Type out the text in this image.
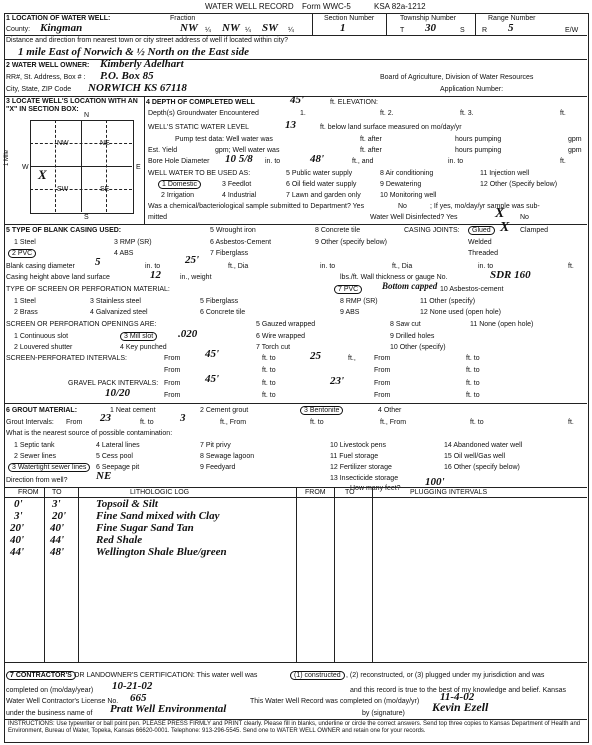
WATER WELL RECORD Form WWC-5	KSA 82a-1212
1 LOCATION OF WATER WELL:
County: Kingman
Fraction
NW ¼ NW ¼ SW ¼
Section Number
1
Township Number
T 30	S
Range Number
R 5	E/W
Distance and direction from nearest town or city street address of well if located within city?
1 mile East of Norwich & ½ North on the East side
2 WATER WELL OWNER: Kimberly Adelhart
RR#, St. Address, Box # : P.O. Box 85	Board of Agriculture, Division of Water Resources
City, State, ZIP Code NORWICH KS 67118	Application Number:
3 LOCATE WELL'S LOCATION WITH AN "X" IN SECTION BOX:
N
S
W	E
1 Mile
NW	NE
SW	SE
X
4 DEPTH OF COMPLETED WELL	45'	ft. ELEVATION:
Depth(s) Groundwater Encountered	1.	ft. 2.	ft. 3.	ft.
WELL'S STATIC WATER LEVEL	13	ft. below land surface measured on mo/day/yr
Pump test data: Well water was	ft. after	hours pumping	gpm
Est. Yield	gpm; Well water was	ft. after	hours pumping	gpm
Bore Hole Diameter 10 5/8 in. to	48'	ft., and	in. to	ft.
WELL WATER TO BE USED AS:	5 Public water supply	8 Air conditioning	11 Injection well
1 Domestic	3 Feedlot	6 Oil field water supply	9 Dewatering	12 Other (Specify below)
2 Irrigation	4 Industrial	7 Lawn and garden only	10 Monitoring well
Was a chemical/bacteriological sample submitted to Department? Yes	No	; If yes, mo/day/yr sample was sub-
mitted	Water Well Disinfected? Yes	X No
5 TYPE OF BLANK CASING USED:	5 Wrought iron	8 Concrete tile	CASING JOINTS:	Glued X Clamped
1 Steel	3 RMP (SR)	6 Asbestos-Cement	9 Other (specify below)	Welded
2 PVC	4 ABS	7 Fiberglass	Threaded
Blank casing diameter 5	in. to
25'
ft., Dia	in. to	ft., Dia	in. to	ft.
Casing height above land surface	12	in., weight	lbs./ft. Wall thickness or gauge No.	SDR 160
TYPE OF SCREEN OR PERFORATION MATERIAL:	7 PVC	Bottom capped 10 Asbestos-cement
1 Steel	3 Stainless steel	5 Fiberglass	8 RMP (SR)	11 Other (specify)
2 Brass	4 Galvanized steel	6 Concrete tile	9 ABS	12 None used (open hole)
SCREEN OR PERFORATION OPENINGS ARE:	5 Gauzed wrapped	8 Saw cut	11 None (open hole)
1 Continuous slot	3 Mill slot	.020	6 Wire wrapped	9 Drilled holes
2 Louvered shutter	4 Key punched	7 Torch cut	10 Other (specify)
SCREEN-PERFORATED INTERVALS:	From 45'	ft. to	25	ft.,	From	ft. to
From	ft. to	From	ft. to
GRAVEL PACK INTERVALS: From 45'	ft. to	23'	From	ft. to
10/20	From	ft. to	From	ft. to
6 GROUT MATERIAL:	1 Neat cement	2 Cement grout	3 Bentonite	4 Other
Grout Intervals: From 23	ft. to 3	ft., From	ft. to	ft., From	ft. to	ft.
What is the nearest source of possible contamination:
1 Septic tank	4 Lateral lines	7 Pit privy	10 Livestock pens	14 Abandoned water well
2 Sewer lines	5 Cess pool	8 Sewage lagoon	11 Fuel storage	15 Oil well/Gas well
3 Watertight sewer lines	6 Seepage pit	9 Feedyard	12 Fertilizer storage	16 Other (specify below)
13 Insecticide storage
Direction from well?	NE
How many feet?
100'
FROM TO	LITHOLOGIC LOG	FROM	TO	PLUGGING INTERVALS
0'	3'	Topsoil & Silt
3'	20'	Fine Sand mixed with Clay
20' 40'	Fine Sugar Sand Tan
40' 44'	Red Shale
44' 48'	Wellington Shale Blue/green
7 CONTRACTOR'S OR LANDOWNER'S CERTIFICATION: This water well was	(1) constructed , (2) reconstructed, or (3) plugged under my jurisdiction and was
completed on (mo/day/year) 10-21-02	and this record is true to the best of my knowledge and belief. Kansas
Water Well Contractor's License No. 665	This Water Well Record was completed on (mo/day/yr) 11-4-02
under the business name of Pratt Well Environmental	by (signature) Kevin Ezell
INSTRUCTIONS: Use typewriter or ball point pen. PLEASE PRESS FIRMLY and PRINT clearly. Please fill in blanks, underline or circle the correct answers. Send top three copies to Kansas Department of Health and Environment, Bureau of Water, Topeka, Kansas 66620-0001. Telephone: 913-296-5545. Send one to WATER WELL OWNER and retain one for your records.
